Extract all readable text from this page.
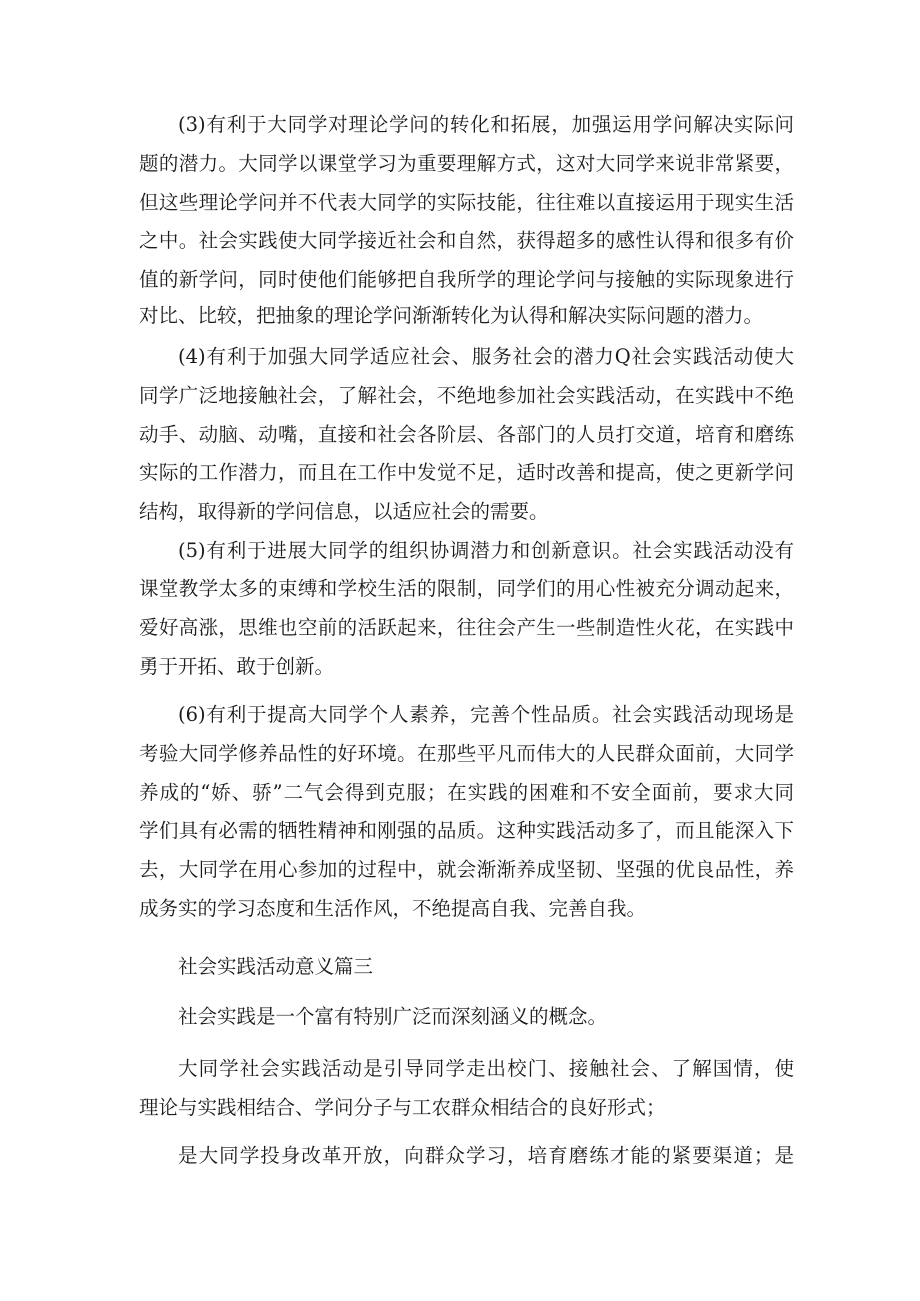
(3)有利于大同学对理论学问的转化和拓展，加强运用学问解决实际问

题的潜力。大同学以课堂学习为重要理解方式，这对大同学来说非常紧要，

但这些理论学问并不代表大同学的实际技能，往往难以直接运用于现实生活

之中。社会实践使大同学接近社会和自然，获得超多的感性认得和很多有价

值的新学问，同时使他们能够把自我所学的理论学问与接触的实际现象进行

对比、比较，把抽象的理论学问渐渐转化为认得和解决实际问题的潜力。

(4)有利于加强大同学适应社会、服务社会的潜力Q社会实践活动使大

同学广泛地接触社会，了解社会，不绝地参加社会实践活动，在实践中不绝

动手、动脑、动嘴，直接和社会各阶层、各部门的人员打交道，培育和磨练

实际的工作潜力，而且在工作中发觉不足，适时改善和提高，使之更新学问

结构，取得新的学问信息，以适应社会的需要。

(5)有利于进展大同学的组织协调潜力和创新意识。社会实践活动没有

课堂教学太多的束缚和学校生活的限制，同学们的用心性被充分调动起来，

爱好高涨，思维也空前的活跃起来，往往会产生一些制造性火花，在实践中

勇于开拓、敢于创新。

(6)有利于提高大同学个人素养，完善个性品质。社会实践活动现场是

考验大同学修养品性的好环境。在那些平凡而伟大的人民群众面前，大同学

养成的“娇、骄”二气会得到克服；在实践的困难和不安全面前，要求大同

学们具有必需的牺牲精神和刚强的品质。这种实践活动多了，而且能深入下

去，大同学在用心参加的过程中，就会渐渐养成坚韧、坚强的优良品性，养

成务实的学习态度和生活作风，不绝提高自我、完善自我。

社会实践活动意义篇三

社会实践是一个富有特别广泛而深刻涵义的概念。

大同学社会实践活动是引导同学走出校门、接触社会、了解国情，使

理论与实践相结合、学问分子与工农群众相结合的良好形式；

是大同学投身改革开放，向群众学习，培育磨练才能的紧要渠道；是
